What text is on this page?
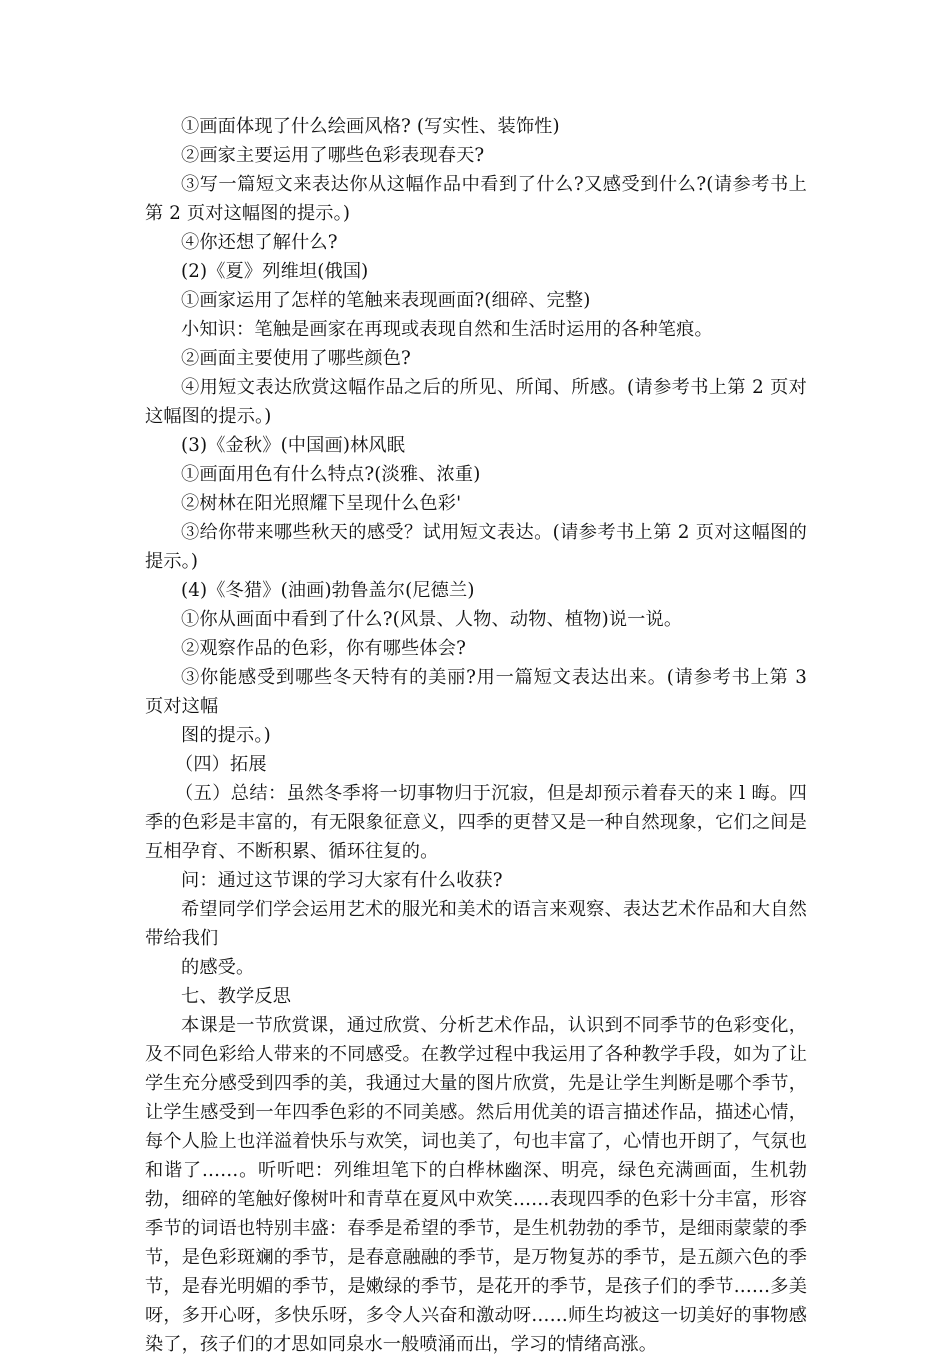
①画面体现了什么绘画风格? (写实性、装饰性)

②画家主要运用了哪些色彩表现春天?

③写一篇短文来表达你从这幅作品中看到了什么?又感受到什么?(请参考书上第 2 页对这幅图的提示。)

④你还想了解什么?

(2)《夏》列维坦(俄国)

①画家运用了怎样的笔触来表现画面?(细碎、完整)

小知识：笔触是画家在再现或表现自然和生活时运用的各种笔痕。

②画面主要使用了哪些颜色?

④用短文表达欣赏这幅作品之后的所见、所闻、所感。(请参考书上第 2 页对这幅图的提示。)

(3)《金秋》(中国画)林风眠

①画面用色有什么特点?(淡雅、浓重)

②树林在阳光照耀下呈现什么色彩'

③给你带来哪些秋天的感受？试用短文表达。(请参考书上第 2 页对这幅图的提示。)

(4)《冬猎》(油画)勃鲁盖尔(尼德兰)

①你从画面中看到了什么?(风景、人物、动物、植物)说一说。

②观察作品的色彩，你有哪些体会?

③你能感受到哪些冬天特有的美丽?用一篇短文表达出来。(请参考书上第 3 页对这幅

图的提示。)

（四）拓展

（五）总结：虽然冬季将一切事物归于沉寂，但是却预示着春天的来 l 晦。四季的色彩是丰富的，有无限象征意义，四季的更替又是一种自然现象，它们之间是互相孕育、不断积累、循环往复的。

问：通过这节课的学习大家有什么收获?

希望同学们学会运用艺术的服光和美术的语言来观察、表达艺术作品和大自然带给我们

的感受。

七、教学反思

本课是一节欣赏课，通过欣赏、分析艺术作品，认识到不同季节的色彩变化，及不同色彩给人带来的不同感受。在教学过程中我运用了各种教学手段，如为了让学生充分感受到四季的美，我通过大量的图片欣赏，先是让学生判断是哪个季节，让学生感受到一年四季色彩的不同美感。然后用优美的语言描述作品，描述心情，每个人脸上也洋溢着快乐与欢笑，词也美了，句也丰富了，心情也开朗了，气氛也和谐了……。听听吧：列维坦笔下的白桦林幽深、明亮，绿色充满画面，生机勃勃，细碎的笔触好像树叶和青草在夏风中欢笑……表现四季的色彩十分丰富，形容季节的词语也特别丰盛：春季是希望的季节，是生机勃勃的季节，是细雨蒙蒙的季节，是色彩斑斓的季节，是春意融融的季节，是万物复苏的季节，是五颜六色的季节，是春光明媚的季节，是嫩绿的季节，是花开的季节，是孩子们的季节……多美呀，多开心呀，多快乐呀，多令人兴奋和激动呀……师生均被这一切美好的事物感染了，孩子们的才思如同泉水一般喷涌而出，学习的情绪高涨。
